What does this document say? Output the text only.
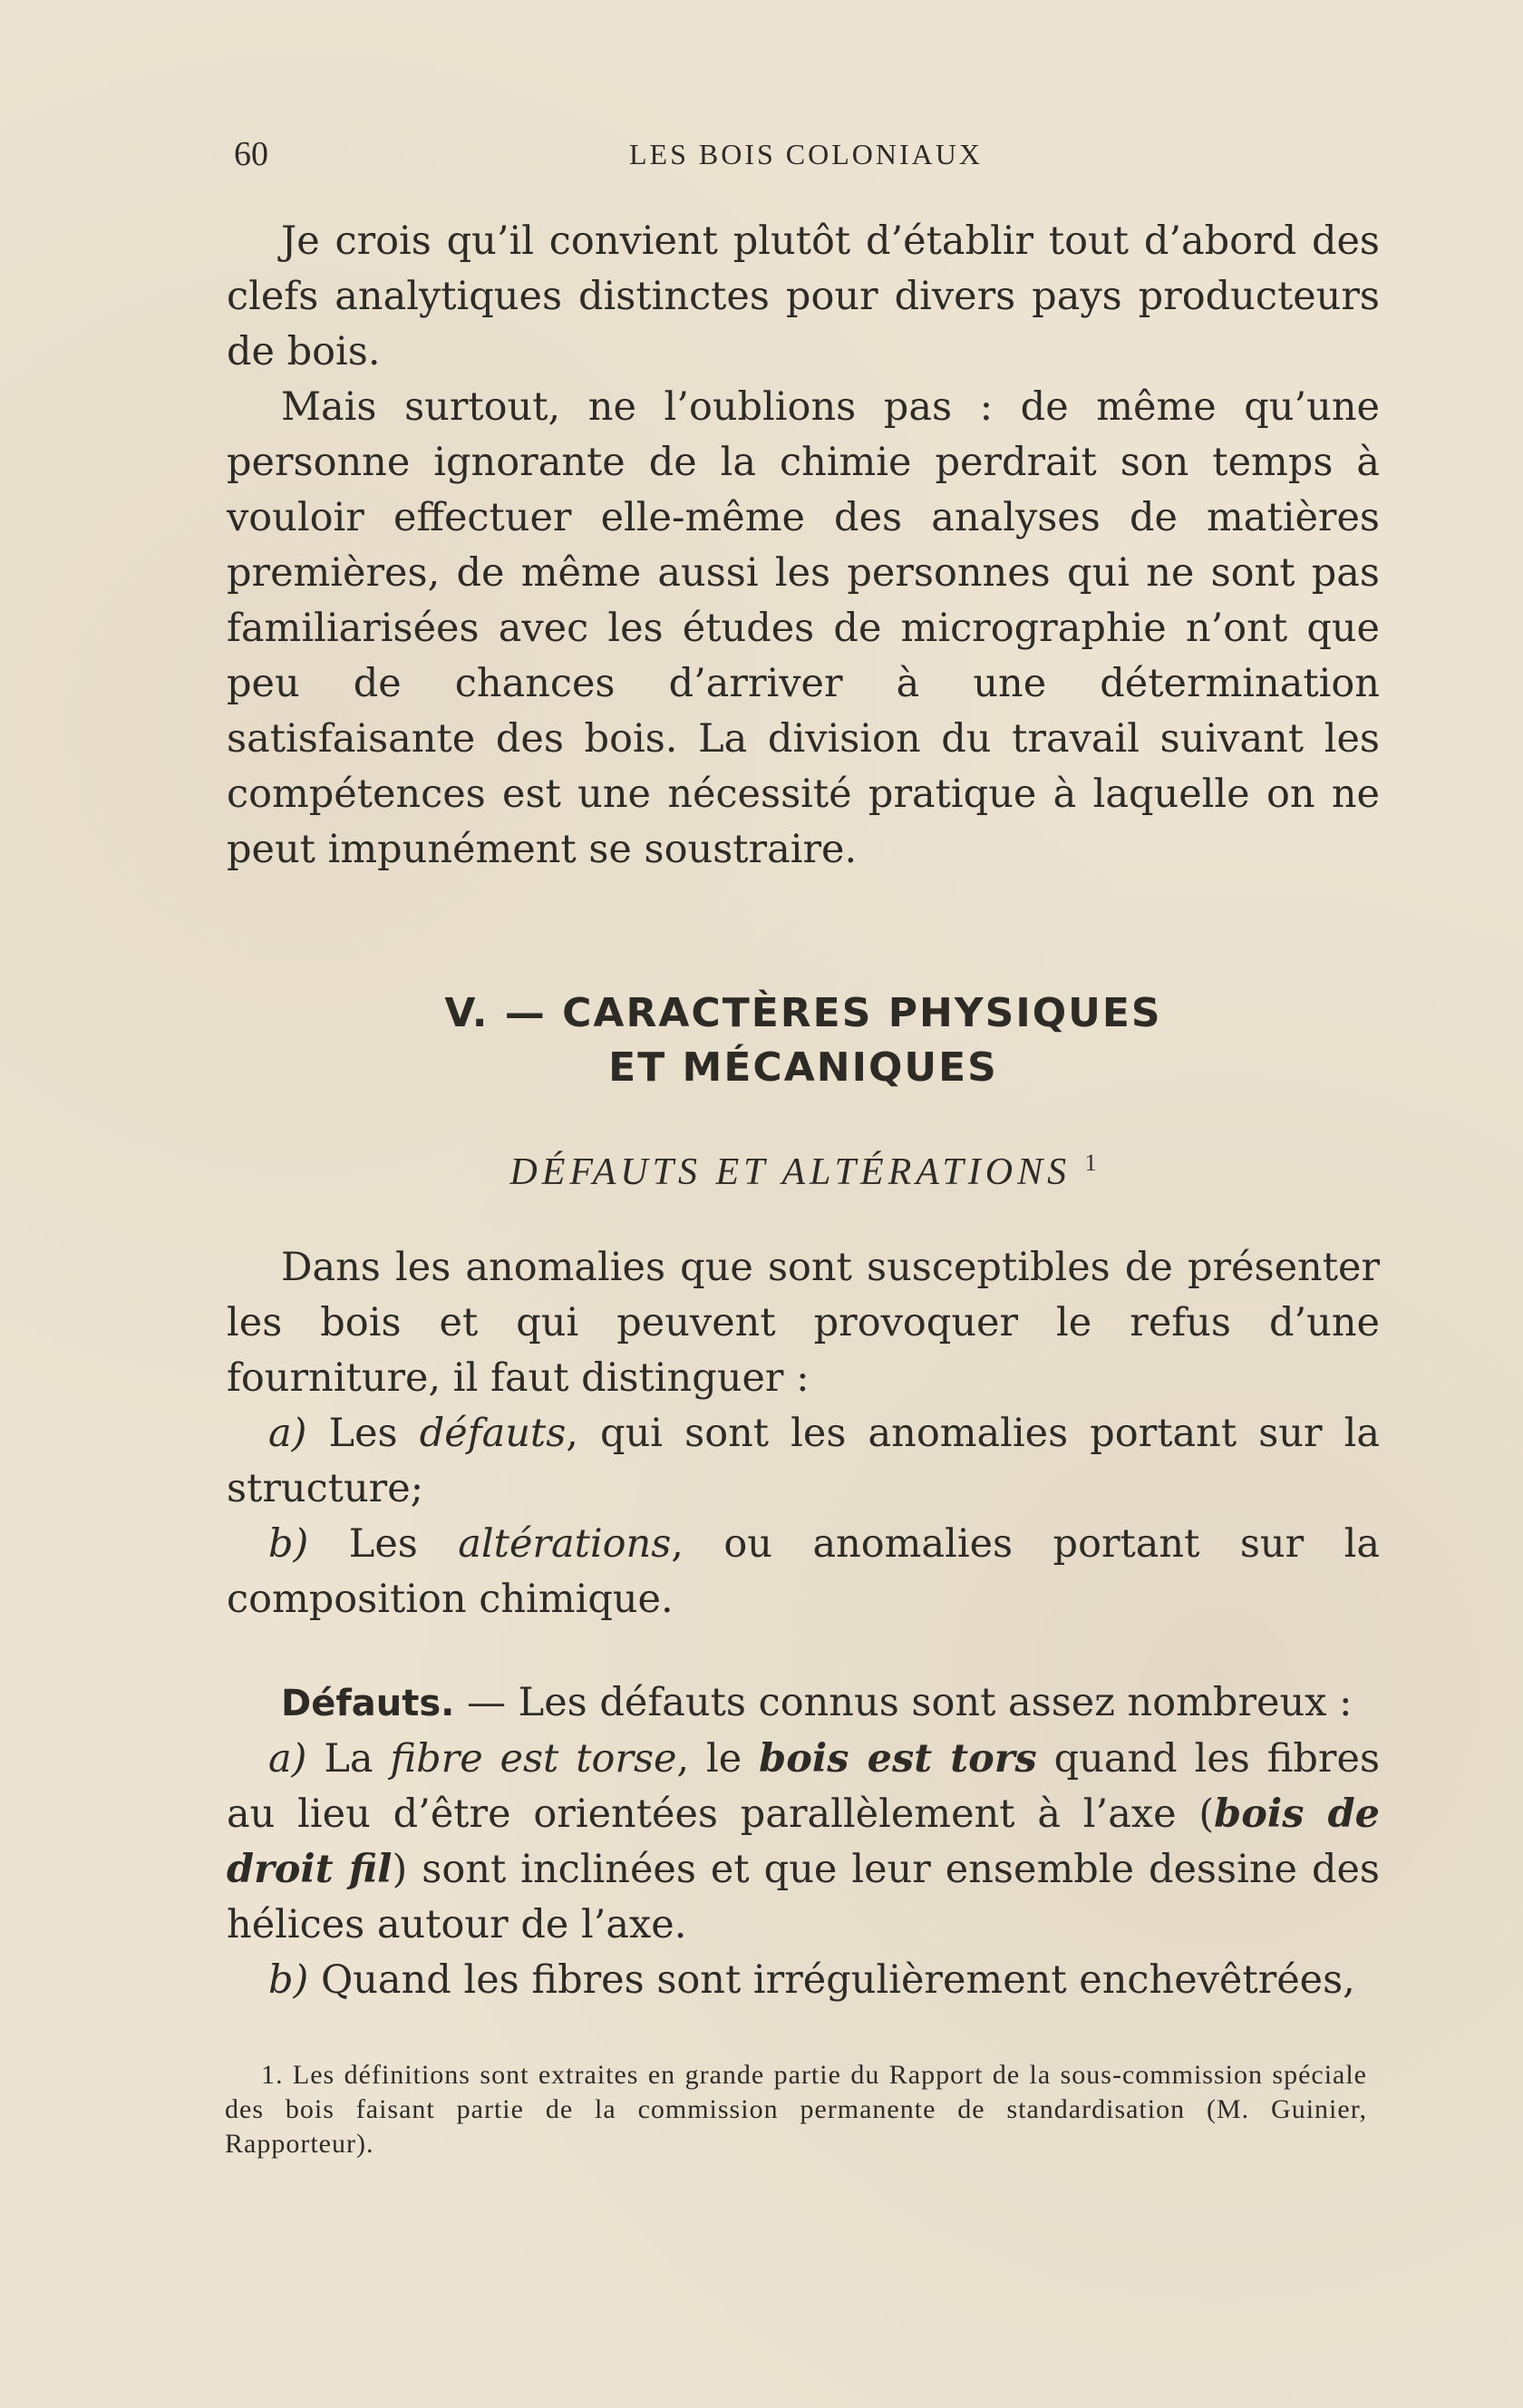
60	LES BOIS COLONIAUX

Je crois qu’il convient plutôt d’établir tout d’abord des clefs analytiques distinctes pour divers pays producteurs de bois.

Mais surtout, ne l’oublions pas : de même qu’une personne ignorante de la chimie perdrait son temps à vouloir effectuer elle-même des analyses de matières premières, de même aussi les personnes qui ne sont pas familiarisées avec les études de micrographie n’ont que peu de chances d’arriver à une détermination satisfaisante des bois. La division du travail suivant les compétences est une nécessité pratique à laquelle on ne peut impunément se soustraire.

V. — CARACTÈRES PHYSIQUES
ET MÉCANIQUES
DÉFAUTS ET ALTÉRATIONS $^1$

Dans les anomalies que sont susceptibles de présenter les bois et qui peuvent provoquer le refus d’une fourniture, il faut distinguer :

a) Les défauts, qui sont les anomalies portant sur la structure;

b) Les altérations, ou anomalies portant sur la composition chimique.

Défauts. — Les défauts connus sont assez nombreux :

a) La fibre est torse, le bois est tors quand les fibres au lieu d’être orientées parallèlement à l’axe (bois de droit fil) sont inclinées et que leur ensemble dessine des hélices autour de l’axe.

b) Quand les fibres sont irrégulièrement enchevêtrées,

1. Les définitions sont extraites en grande partie du Rapport de la sous-commission spéciale des bois faisant partie de la commission permanente de standardisation (M. Guinier, Rapporteur).
